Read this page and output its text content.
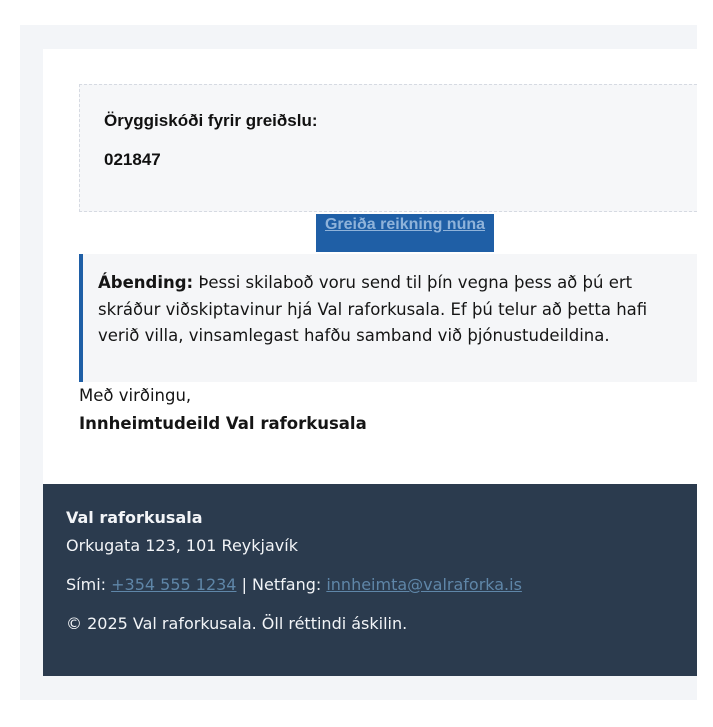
Öryggiskóði fyrir greiðslu:
021847
Greiða reikning núna
Ábending: Þessi skilaboð voru send til þín vegna þess að þú ert skráður viðskiptavinur hjá Val raforkusala. Ef þú telur að þetta hafi verið villa, vinsamlegast hafðu samband við þjónustudeildina.
Með virðingu,
Innheimtudeild Val raforkusala
Val raforkusala
Orkugata 123, 101 Reykjavík
Sími: +354 555 1234 | Netfang: innheimta@valraforka.is
© 2025 Val raforkusala. Öll réttindi áskilin.
